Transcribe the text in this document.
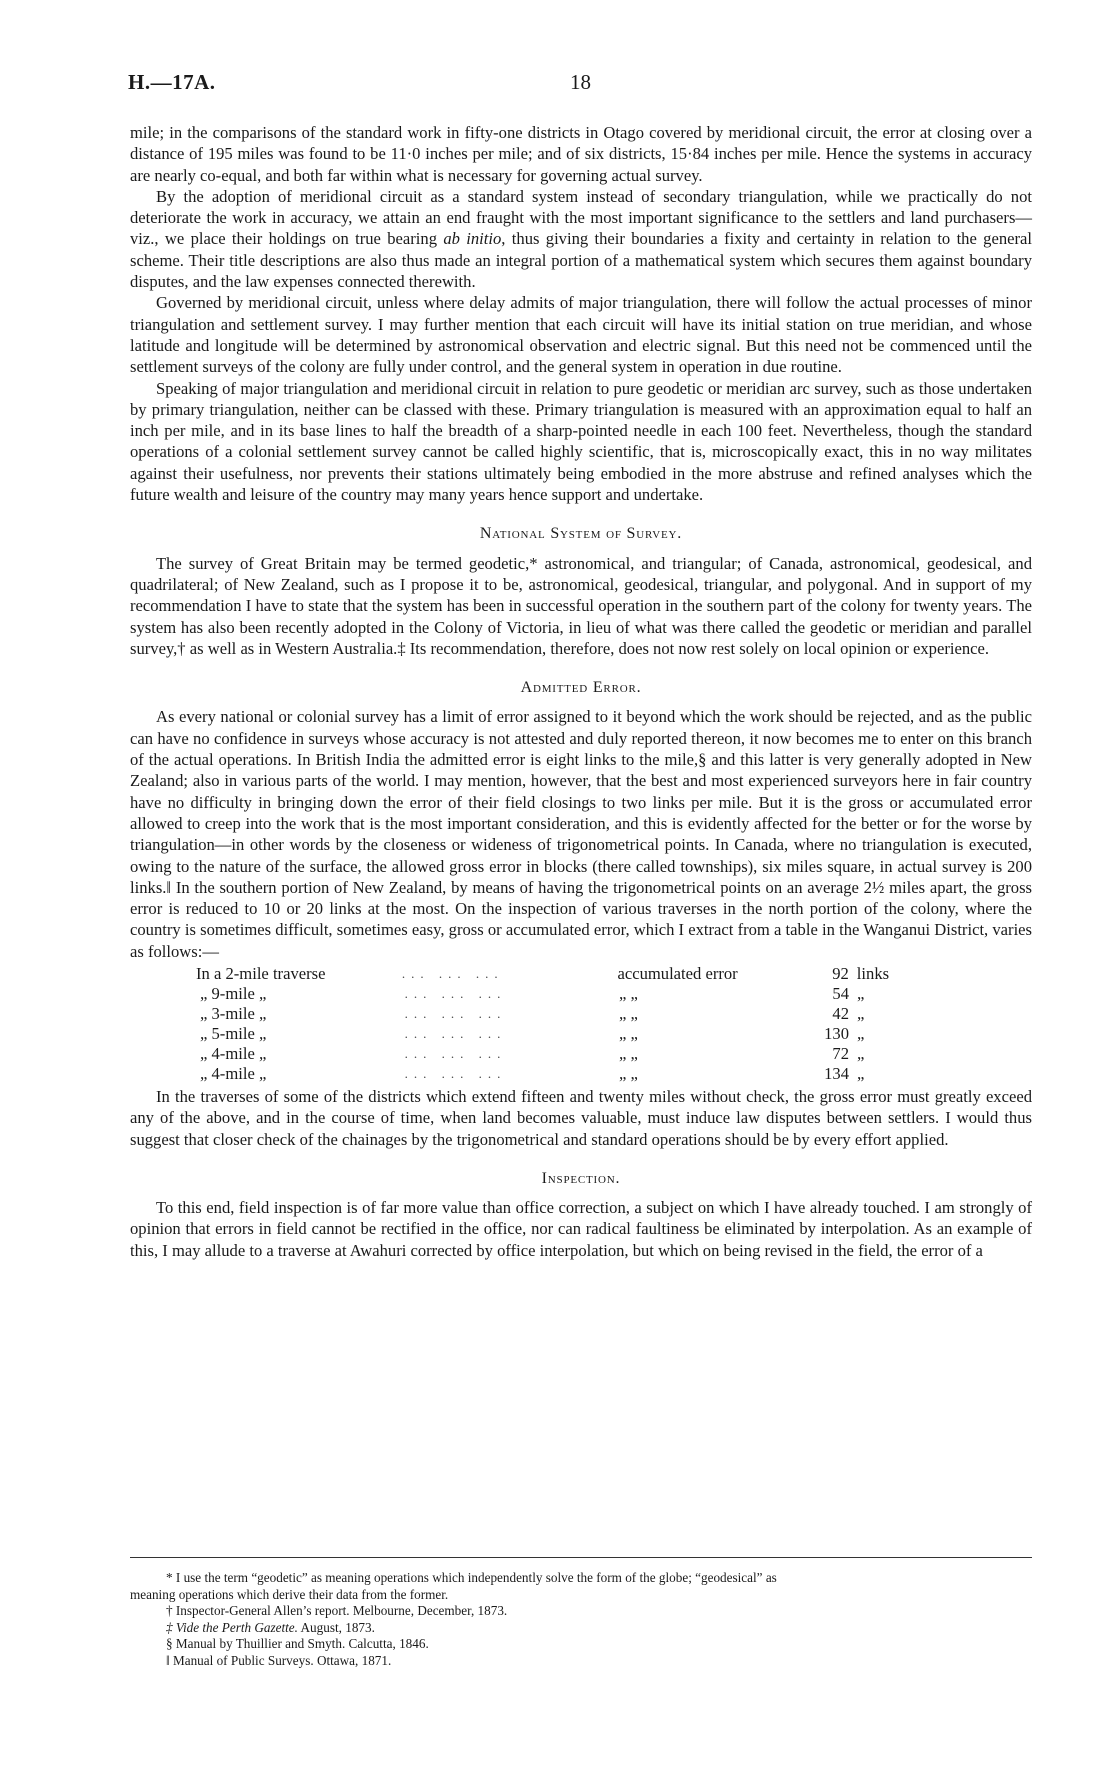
H.—17A.	18

mile; in the comparisons of the standard work in fifty-one districts in Otago covered by meridional circuit, the error at closing over a distance of 195 miles was found to be 11·0 inches per mile; and of six districts, 15·84 inches per mile. Hence the systems in accuracy are nearly co-equal, and both far within what is necessary for governing actual survey.

By the adoption of meridional circuit as a standard system instead of secondary triangulation, while we practically do not deteriorate the work in accuracy, we attain an end fraught with the most important significance to the settlers and land purchasers—viz., we place their holdings on true bearing ab initio, thus giving their boundaries a fixity and certainty in relation to the general scheme. Their title descriptions are also thus made an integral portion of a mathematical system which secures them against boundary disputes, and the law expenses connected therewith.

Governed by meridional circuit, unless where delay admits of major triangulation, there will follow the actual processes of minor triangulation and settlement survey. I may further mention that each circuit will have its initial station on true meridian, and whose latitude and longitude will be determined by astronomical observation and electric signal. But this need not be commenced until the settlement surveys of the colony are fully under control, and the general system in operation in due routine.

Speaking of major triangulation and meridional circuit in relation to pure geodetic or meridian arc survey, such as those undertaken by primary triangulation, neither can be classed with these. Primary triangulation is measured with an approximation equal to half an inch per mile, and in its base lines to half the breadth of a sharp-pointed needle in each 100 feet. Nevertheless, though the standard operations of a colonial settlement survey cannot be called highly scientific, that is, microscopically exact, this in no way militates against their usefulness, nor prevents their stations ultimately being embodied in the more abstruse and refined analyses which the future wealth and leisure of the country may many years hence support and undertake.

National System of Survey.

The survey of Great Britain may be termed geodetic,* astronomical, and triangular; of Canada, astronomical, geodesical, and quadrilateral; of New Zealand, such as I propose it to be, astronomical, geodesical, triangular, and polygonal. And in support of my recommendation I have to state that the system has been in successful operation in the southern part of the colony for twenty years. The system has also been recently adopted in the Colony of Victoria, in lieu of what was there called the geodetic or meridian and parallel survey,† as well as in Western Australia.‡ Its recommendation, therefore, does not now rest solely on local opinion or experience.

Admitted Error.

As every national or colonial survey has a limit of error assigned to it beyond which the work should be rejected, and as the public can have no confidence in surveys whose accuracy is not attested and duly reported thereon, it now becomes me to enter on this branch of the actual operations. In British India the admitted error is eight links to the mile,§ and this latter is very generally adopted in New Zealand; also in various parts of the world. I may mention, however, that the best and most experienced surveyors here in fair country have no difficulty in bringing down the error of their field closings to two links per mile. But it is the gross or accumulated error allowed to creep into the work that is the most important consideration, and this is evidently affected for the better or for the worse by triangulation—in other words by the closeness or wideness of trigonometrical points. In Canada, where no triangulation is executed, owing to the nature of the surface, the allowed gross error in blocks (there called townships), six miles square, in actual survey is 200 links.‖ In the southern portion of New Zealand, by means of having the trigonometrical points on an average 2½ miles apart, the gross error is reduced to 10 or 20 links at the most. On the inspection of various traverses in the north portion of the colony, where the country is sometimes difficult, sometimes easy, gross or accumulated error, which I extract from a table in the Wanganui District, varies as follows:—

In a 2-mile traverse	... ... ...	accumulated error	92 links
„ 9-mile „	... ... ...	„ „	54 „
„ 3-mile „	... ... ...	„ „	42 „
„ 5-mile „	... ... ...	„ „	130 „
„ 4-mile „	... ... ...	„ „	72 „
„ 4-mile „	... ... ...	„ „	134 „

In the traverses of some of the districts which extend fifteen and twenty miles without check, the gross error must greatly exceed any of the above, and in the course of time, when land becomes valuable, must induce law disputes between settlers. I would thus suggest that closer check of the chainages by the trigonometrical and standard operations should be by every effort applied.

Inspection.

To this end, field inspection is of far more value than office correction, a subject on which I have already touched. I am strongly of opinion that errors in field cannot be rectified in the office, nor can radical faultiness be eliminated by interpolation. As an example of this, I may allude to a traverse at Awahuri corrected by office interpolation, but which on being revised in the field, the error of a

* I use the term “geodetic” as meaning operations which independently solve the form of the globe; “geodesical” as

meaning operations which derive their data from the former.

† Inspector-General Allen’s report. Melbourne, December, 1873.

‡ Vide the Perth Gazette. August, 1873.

§ Manual by Thuillier and Smyth. Calcutta, 1846.

‖ Manual of Public Surveys. Ottawa, 1871.
